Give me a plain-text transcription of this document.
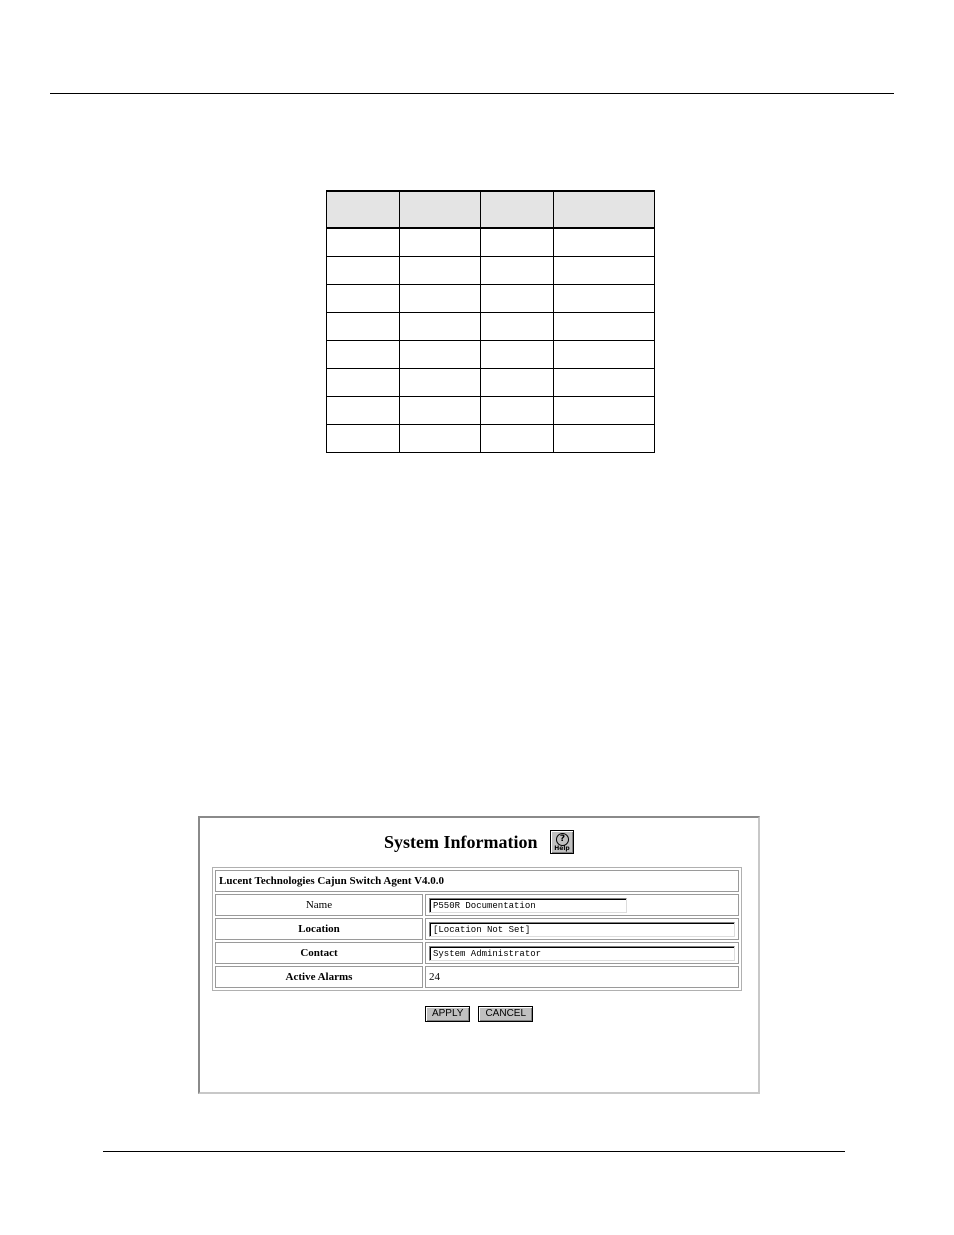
System Information	?
Help
Lucent Technologies Cajun Switch Agent V4.0.0	
Name	P550R Documentation
Location	[Location Not Set]
Contact	System Administrator
Active Alarms	24
APPLY CANCEL
